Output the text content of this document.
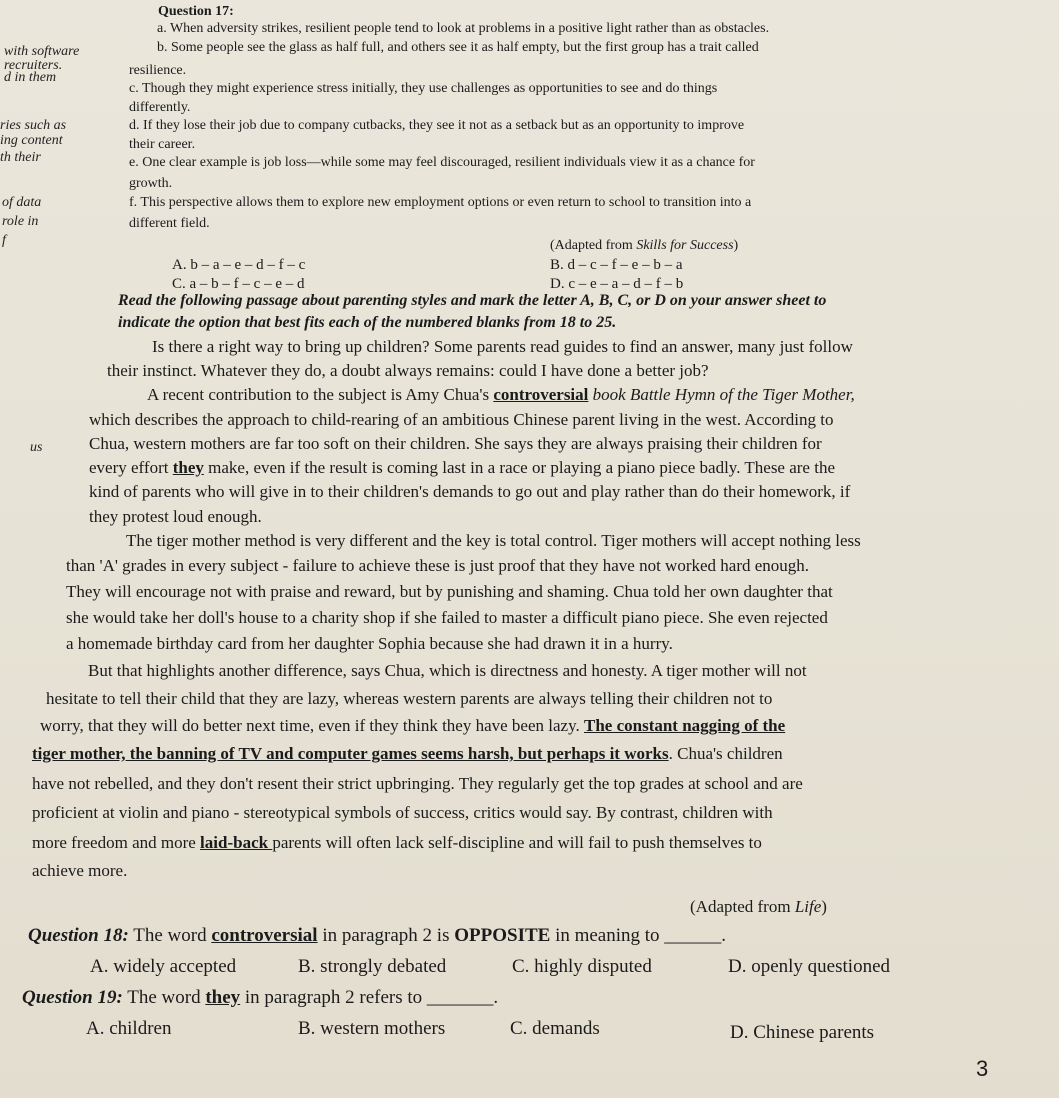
with software
recruiters.
d in them
ries such as
ing content
th their
of data
role in
f
us
Question 17:
a. When adversity strikes, resilient people tend to look at problems in a positive light rather than as obstacles.
b. Some people see the glass as half full, and others see it as half empty, but the first group has a trait called
resilience.
c. Though they might experience stress initially, they use challenges as opportunities to see and do things
differently.
d. If they lose their job due to company cutbacks, they see it not as a setback but as an opportunity to improve
their career.
e. One clear example is job loss—while some may feel discouraged, resilient individuals view it as a chance for
growth.
f. This perspective allows them to explore new employment options or even return to school to transition into a
different field.
(Adapted from Skills for Success)
A. b – a – e – d – f – c	B. d – c – f – e – b – a
C. a – b – f – c – e – d	D. c – e – a – d – f – b
Read the following passage about parenting styles and mark the letter A, B, C, or D on your answer sheet to
indicate the option that best fits each of the numbered blanks from 18 to 25.
Is there a right way to bring up children? Some parents read guides to find an answer, many just follow
their instinct. Whatever they do, a doubt always remains: could I have done a better job?
A recent contribution to the subject is Amy Chua's controversial book Battle Hymn of the Tiger Mother,
which describes the approach to child-rearing of an ambitious Chinese parent living in the west. According to
Chua, western mothers are far too soft on their children. She says they are always praising their children for
every effort they make, even if the result is coming last in a race or playing a piano piece badly. These are the
kind of parents who will give in to their children's demands to go out and play rather than do their homework, if
they protest loud enough.
The tiger mother method is very different and the key is total control. Tiger mothers will accept nothing less
than 'A' grades in every subject - failure to achieve these is just proof that they have not worked hard enough.
They will encourage not with praise and reward, but by punishing and shaming. Chua told her own daughter that
she would take her doll's house to a charity shop if she failed to master a difficult piano piece. She even rejected
a homemade birthday card from her daughter Sophia because she had drawn it in a hurry.
But that highlights another difference, says Chua, which is directness and honesty. A tiger mother will not
hesitate to tell their child that they are lazy, whereas western parents are always telling their children not to
worry, that they will do better next time, even if they think they have been lazy. The constant nagging of the
tiger mother, the banning of TV and computer games seems harsh, but perhaps it works. Chua's children
have not rebelled, and they don't resent their strict upbringing. They regularly get the top grades at school and are
proficient at violin and piano - stereotypical symbols of success, critics would say. By contrast, children with
more freedom and more laid-back parents will often lack self-discipline and will fail to push themselves to
achieve more.
(Adapted from Life)
Question 18: The word controversial in paragraph 2 is OPPOSITE in meaning to ______.
A. widely accepted	B. strongly debated	C. highly disputed	D. openly questioned
Question 19: The word they in paragraph 2 refers to _______.
A. children	B. western mothers	C. demands	D. Chinese parents
3
